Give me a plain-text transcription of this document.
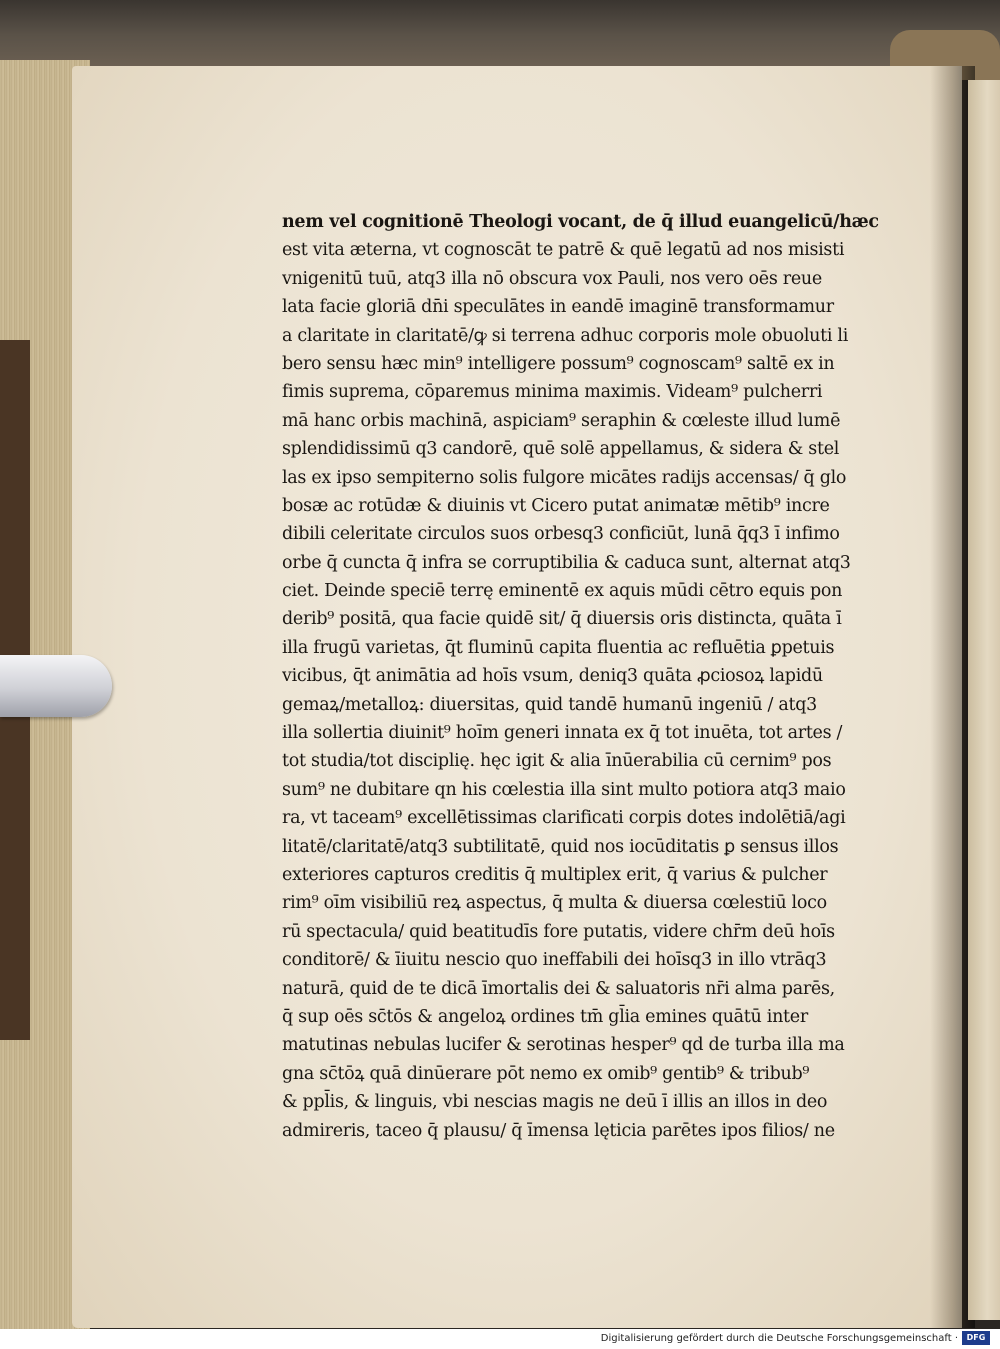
nem vel cognitionē Theologi vocant, de q̄ illud euangelicū/hæc
est vita æterna, vt cognoscāt te patrē & quē legatū ad nos misisti
vnigenitū tuū, atq3 illa nō obscura vox Pauli, nos vero oēs reue
lata facie gloriā dn̄i speculātes in eandē imaginē transformamur
a claritate in claritatē/ꝙ si terrena adhuc corporis mole obuoluti li
bero sensu hæc min⁹ intelligere possum⁹ cognoscam⁹ saltē ex in
fimis suprema, cōparemus minima maximis. Videam⁹ pulcherri
mā hanc orbis machinā, aspiciam⁹ seraphin & cœleste illud lumē
splendidissimū q3 candorē, quē solē appellamus, & sidera & stel
las ex ipso sempiterno solis fulgore micātes radijs accensas/ q̄ glo
bosæ ac rotūdæ & diuinis vt Cicero putat animatæ mētib⁹ incre
dibili celeritate circulos suos orbesq3 conficiūt, lunā q̄q3 ī infimo
orbe q̄ cuncta q̄ infra se corruptibilia & caduca sunt, alternat atq3
ciet. Deinde speciē terrę eminentē ex aquis mūdi cētro equis pon
derib⁹ positā, qua facie quidē sit/ q̄ diuersis oris distincta, quāta ī
illa frugū varietas, q̄t fluminū capita fluentia ac refluētia ꝑpetuis
vicibus, q̄t animātia ad hoīs vsum, deniq3 quāta ꝓciosoꝝ lapidū
gemaꝝ/metalloꝝ: diuersitas, quid tandē humanū ingeniū / atq3
illa sollertia diuinit⁹ hoīm generi innata ex q̄ tot inuēta, tot artes /
tot studia/tot disciplię. hęc igit & alia īnūerabilia cū cernim⁹ pos
sum⁹ ne dubitare qn his cœlestia illa sint multo potiora atq3 maio
ra, vt taceam⁹ excellētissimas clarificati corpis dotes indolētiā/agi
litatē/claritatē/atq3 subtilitatē, quid nos iocūditatis ꝑ sensus illos
exteriores capturos creditis q̄ multiplex erit, q̄ varius & pulcher
rim⁹ oīm visibiliū reꝝ aspectus, q̄ multa & diuersa cœlestiū loco
rū spectacula/ quid beatitudīs fore putatis, videre chr̄m deū hoīs
conditorē/ & īiuitu nescio quo ineffabili dei hoīsq3 in illo vtrāq3
naturā, quid de te dicā īmortalis dei & saluatoris nr̄i alma parēs,
q̄ sup oēs sc̄tōs & angeloꝝ ordines tm̄ gl̄ia emines quātū inter
matutinas nebulas lucifer & serotinas hesper⁹ qd de turba illa ma
gna sc̄tōꝝ quā dinūerare pōt nemo ex omib⁹ gentib⁹ & tribub⁹
& ppl̄is, & linguis, vbi nescias magis ne deū ī illis an illos in deo
admireris, taceo q̄ plausu/ q̄ īmensa lęticia parētes ipos filios/ ne
Digitalisierung gefördert durch die Deutsche Forschungsgemeinschaft ·	DFG
